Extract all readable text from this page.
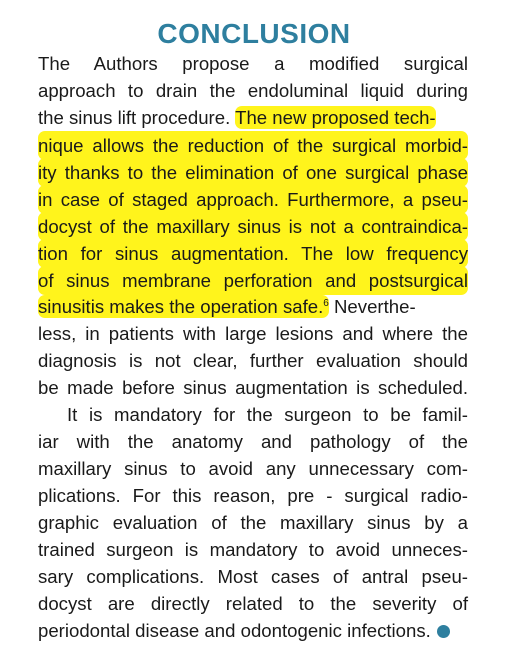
CONCLUSION
The Authors propose a modified surgical
approach to drain the endoluminal liquid during
the sinus lift procedure. The new proposed tech-
nique allows the reduction of the surgical morbid-
ity thanks to the elimination of one surgical phase
in case of staged approach. Furthermore, a pseu-
docyst of the maxillary sinus is not a contraindica-
tion for sinus augmentation. The low frequency
of sinus membrane perforation and postsurgical
sinusitis makes the operation safe.$^6$ Neverthe-
less, in patients with large lesions and where the
diagnosis is not clear, further evaluation should
be made before sinus augmentation is scheduled.
It is mandatory for the surgeon to be famil-
iar with the anatomy and pathology of the
maxillary sinus to avoid any unnecessary com-
plications. For this reason, pre - surgical radio-
graphic evaluation of the maxillary sinus by a
trained surgeon is mandatory to avoid unneces-
sary complications. Most cases of antral pseu-
docyst are directly related to the severity of
periodontal disease and odontogenic infections.
